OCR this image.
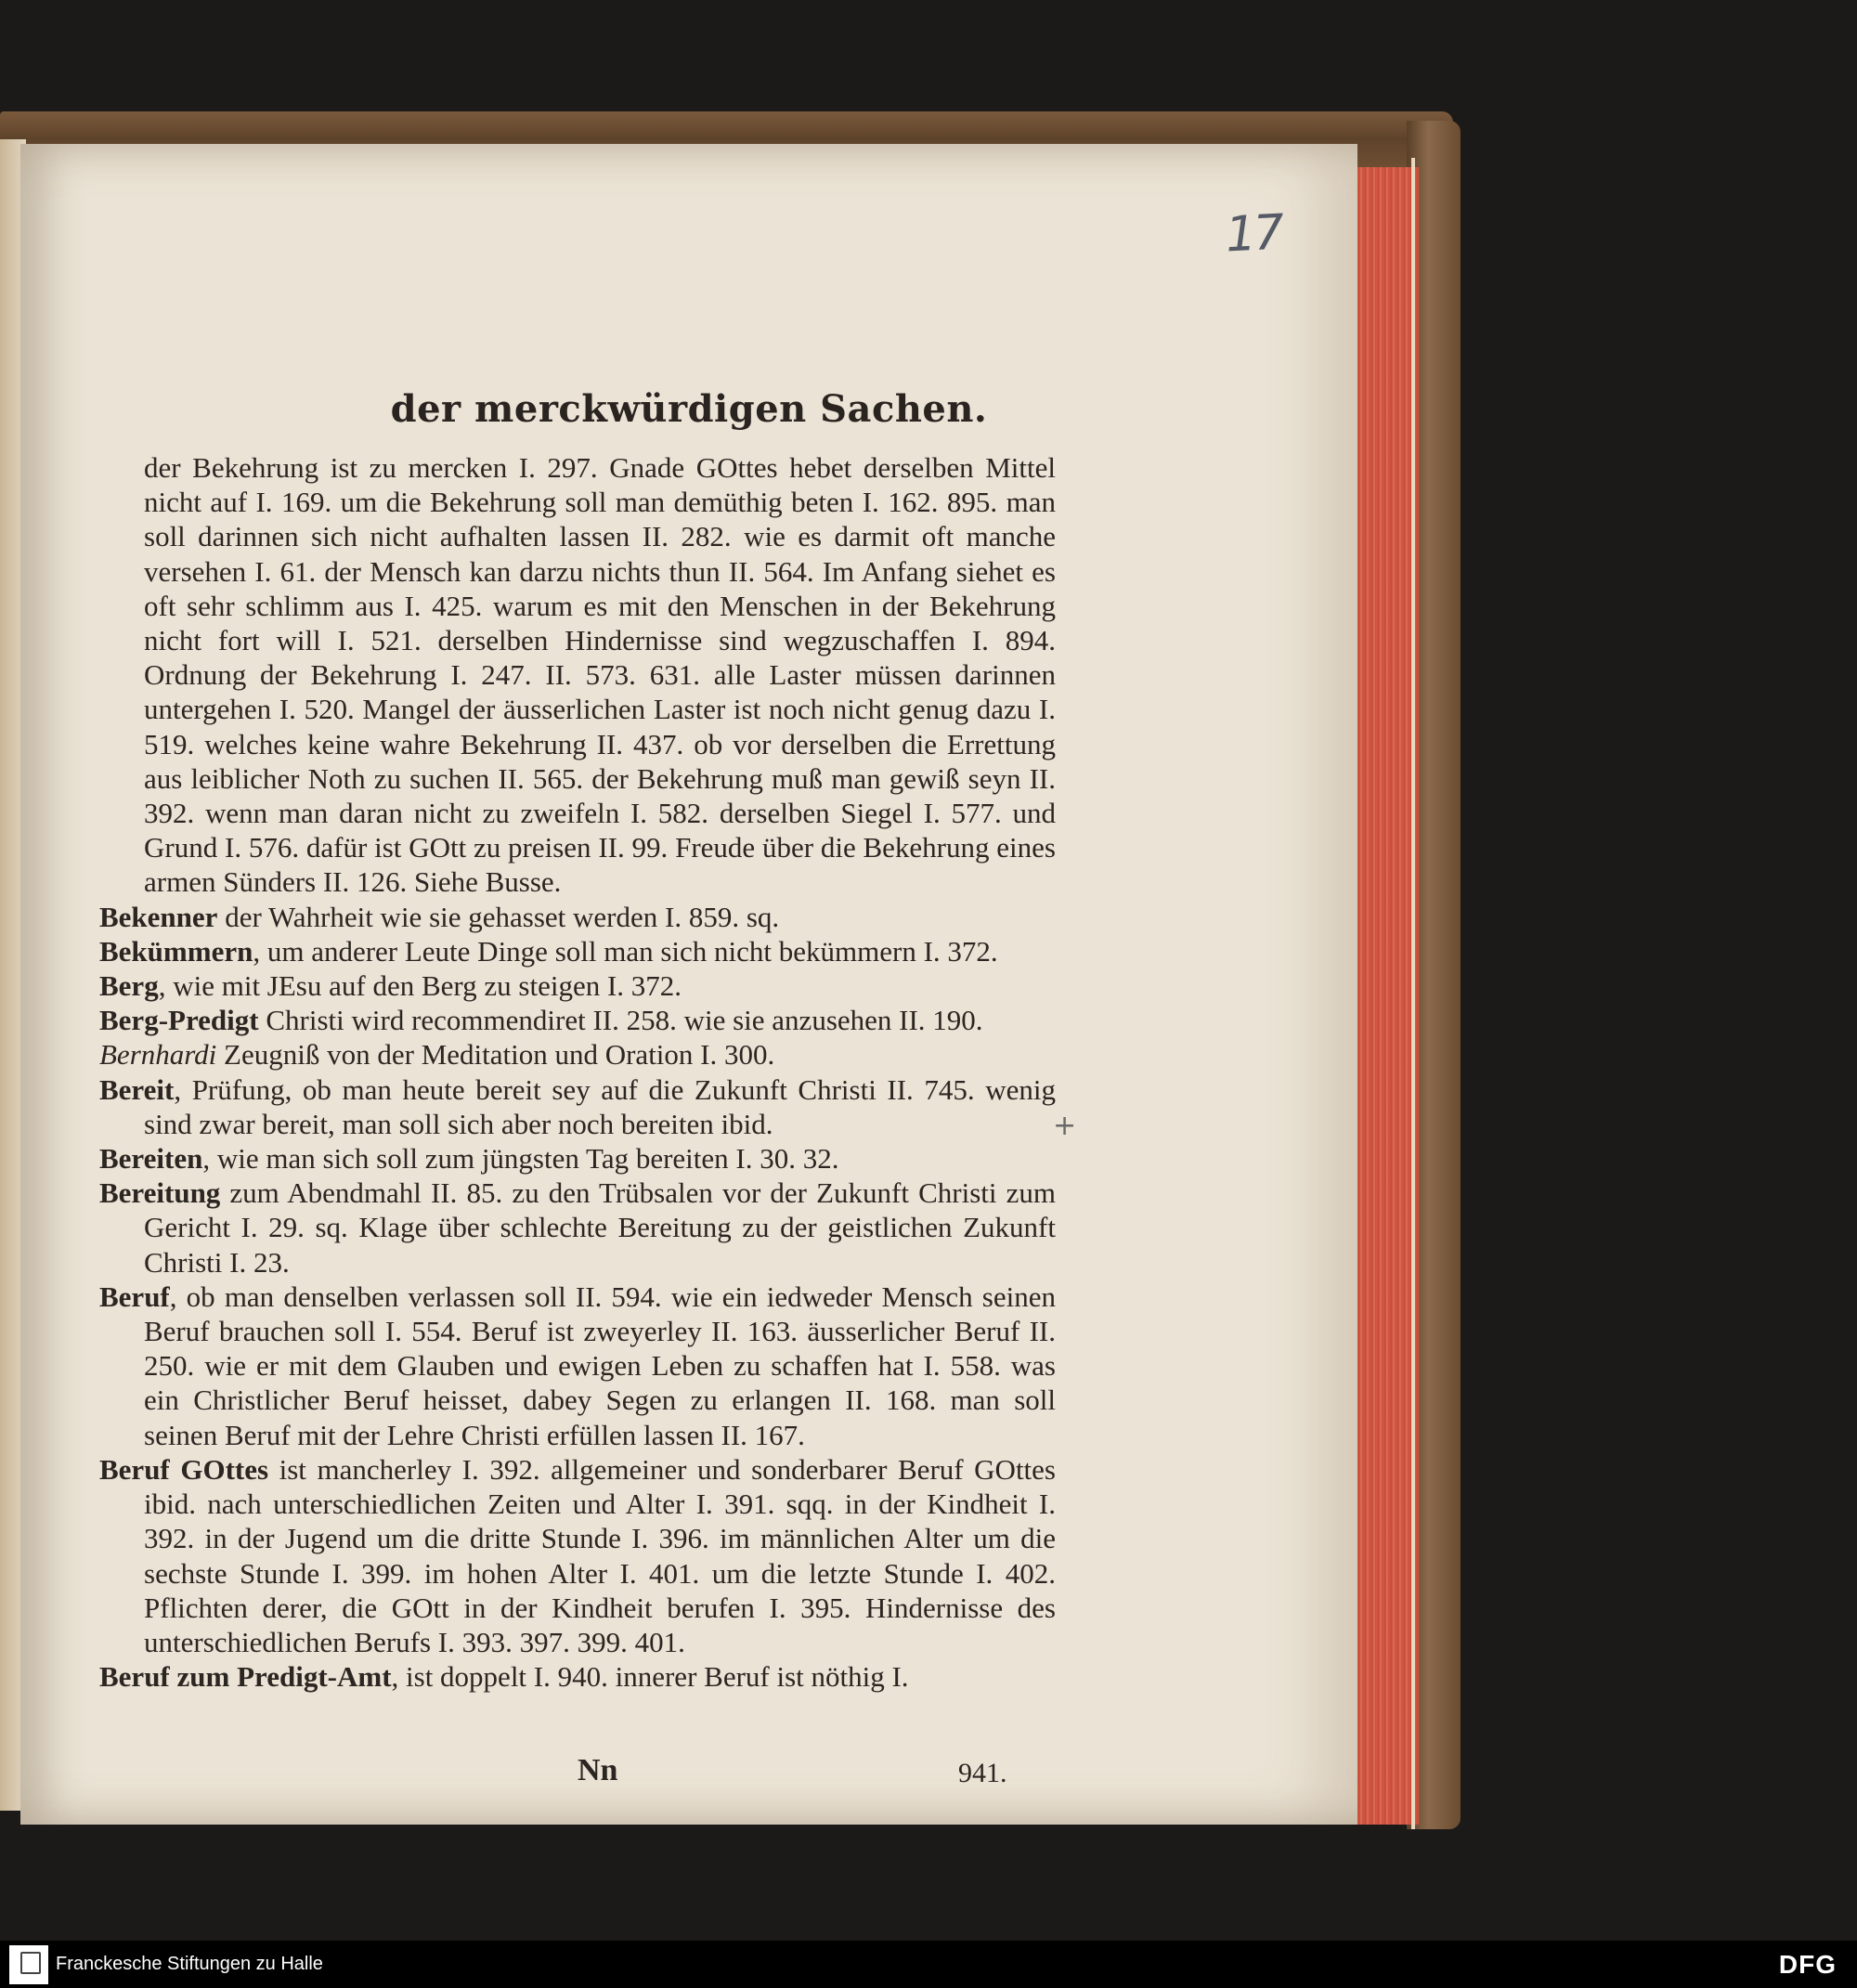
der merckwürdigen Sachen.

der Bekehrung ist zu mercken I. 297. Gnade GOttes hebet derselben Mittel nicht auf I. 169. um die Bekehrung soll man demüthig beten I. 162. 895. man soll darinnen sich nicht aufhalten lassen II. 282. wie es darmit oft manche versehen I. 61. der Mensch kan darzu nichts thun II. 564. Im Anfang siehet es oft sehr schlimm aus I. 425. warum es mit den Menschen in der Bekehrung nicht fort will I. 521. derselben Hindernisse sind wegzuschaffen I. 894. Ordnung der Bekehrung I. 247. II. 573. 631. alle Laster müssen darinnen untergehen I. 520. Mangel der äusserlichen Laster ist noch nicht genug dazu I. 519. welches keine wahre Bekehrung II. 437. ob vor derselben die Errettung aus leiblicher Noth zu suchen II. 565. der Bekehrung muß man gewiß seyn II. 392. wenn man daran nicht zu zweifeln I. 582. derselben Siegel I. 577. und Grund I. 576. dafür ist GOtt zu preisen II. 99. Freude über die Bekehrung eines armen Sünders II. 126. Siehe Busse.

Bekenner der Wahrheit wie sie gehasset werden I. 859. sq.

Bekümmern, um anderer Leute Dinge soll man sich nicht bekümmern I. 372.

Berg, wie mit JEsu auf den Berg zu steigen I. 372.

Berg-Predigt Christi wird recommendiret II. 258. wie sie anzusehen II. 190.

Bernhardi Zeugniß von der Meditation und Oration I. 300.

Bereit, Prüfung, ob man heute bereit sey auf die Zukunft Christi II. 745. wenig sind zwar bereit, man soll sich aber noch bereiten ibid.

Bereiten, wie man sich soll zum jüngsten Tag bereiten I. 30. 32.

Bereitung zum Abendmahl II. 85. zu den Trübsalen vor der Zukunft Christi zum Gericht I. 29. sq. Klage über schlechte Bereitung zu der geistlichen Zukunft Christi I. 23.

Beruf, ob man denselben verlassen soll II. 594. wie ein iedweder Mensch seinen Beruf brauchen soll I. 554. Beruf ist zweyerley II. 163. äusserlicher Beruf II. 250. wie er mit dem Glauben und ewigen Leben zu schaffen hat I. 558. was ein Christlicher Beruf heisset, dabey Segen zu erlangen II. 168. man soll seinen Beruf mit der Lehre Christi erfüllen lassen II. 167.

Beruf GOttes ist mancherley I. 392. allgemeiner und sonderbarer Beruf GOttes ibid. nach unterschiedlichen Zeiten und Alter I. 391. sqq. in der Kindheit I. 392. in der Jugend um die dritte Stunde I. 396. im männlichen Alter um die sechste Stunde I. 399. im hohen Alter I. 401. um die letzte Stunde I. 402. Pflichten derer, die GOtt in der Kindheit berufen I. 395. Hindernisse des unterschiedlichen Berufs I. 393. 397. 399. 401.

Beruf zum Predigt-Amt, ist doppelt I. 940. innerer Beruf ist nöthig I.

+
Nn	941.
17
Franckesche Stiftungen zu Halle	DFG
